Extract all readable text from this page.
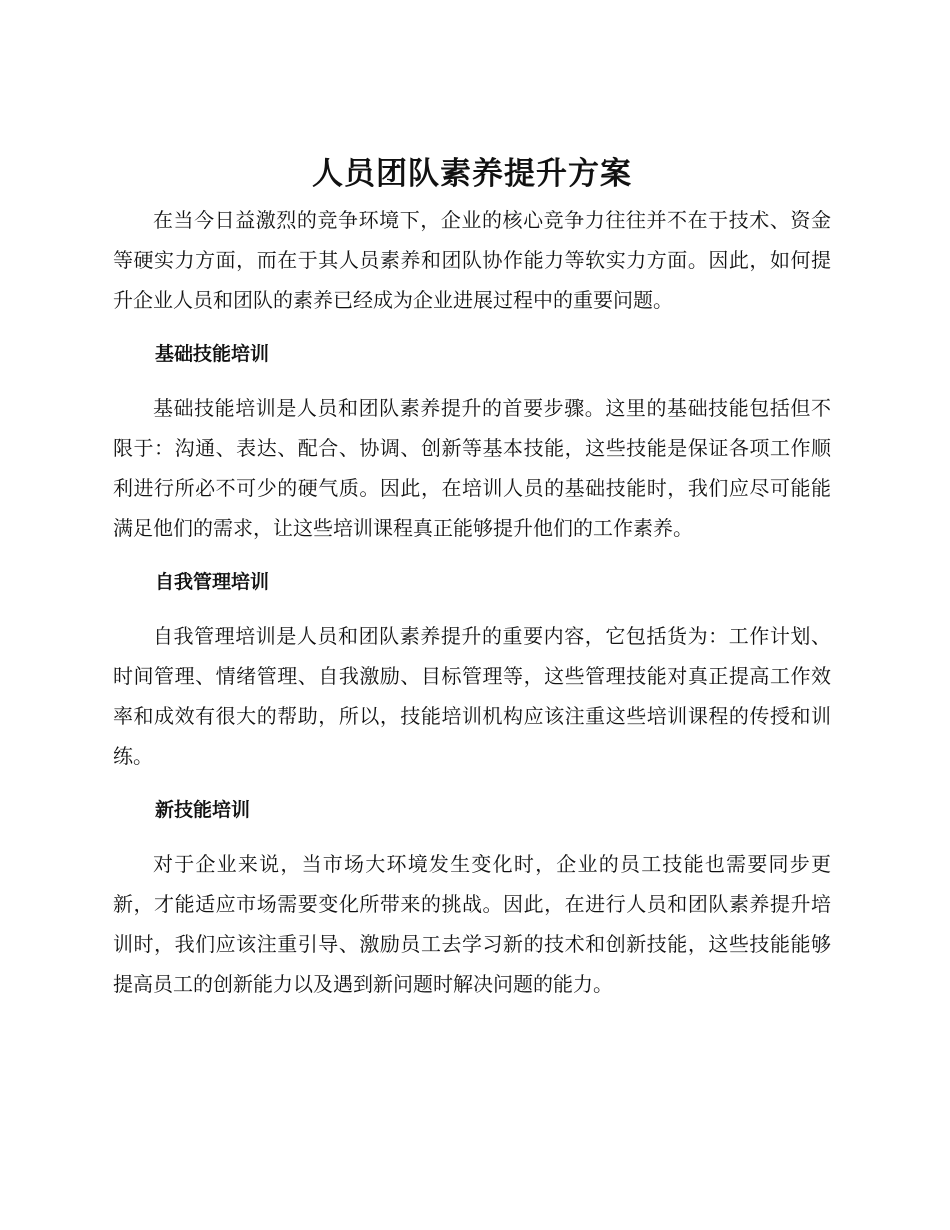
人员团队素养提升方案

在当今日益激烈的竞争环境下，企业的核心竞争力往往并不在于技术、资金等硬实力方面，而在于其人员素养和团队协作能力等软实力方面。因此，如何提升企业人员和团队的素养已经成为企业进展过程中的重要问题。

基础技能培训

基础技能培训是人员和团队素养提升的首要步骤。这里的基础技能包括但不限于：沟通、表达、配合、协调、创新等基本技能，这些技能是保证各项工作顺利进行所必不可少的硬气质。因此，在培训人员的基础技能时，我们应尽可能能满足他们的需求，让这些培训课程真正能够提升他们的工作素养。

自我管理培训

自我管理培训是人员和团队素养提升的重要内容，它包括货为：工作计划、时间管理、情绪管理、自我激励、目标管理等，这些管理技能对真正提高工作效率和成效有很大的帮助，所以，技能培训机构应该注重这些培训课程的传授和训练。

新技能培训

对于企业来说，当市场大环境发生变化时，企业的员工技能也需要同步更新，才能适应市场需要变化所带来的挑战。因此，在进行人员和团队素养提升培训时，我们应该注重引导、激励员工去学习新的技术和创新技能，这些技能能够提高员工的创新能力以及遇到新问题时解决问题的能力。
